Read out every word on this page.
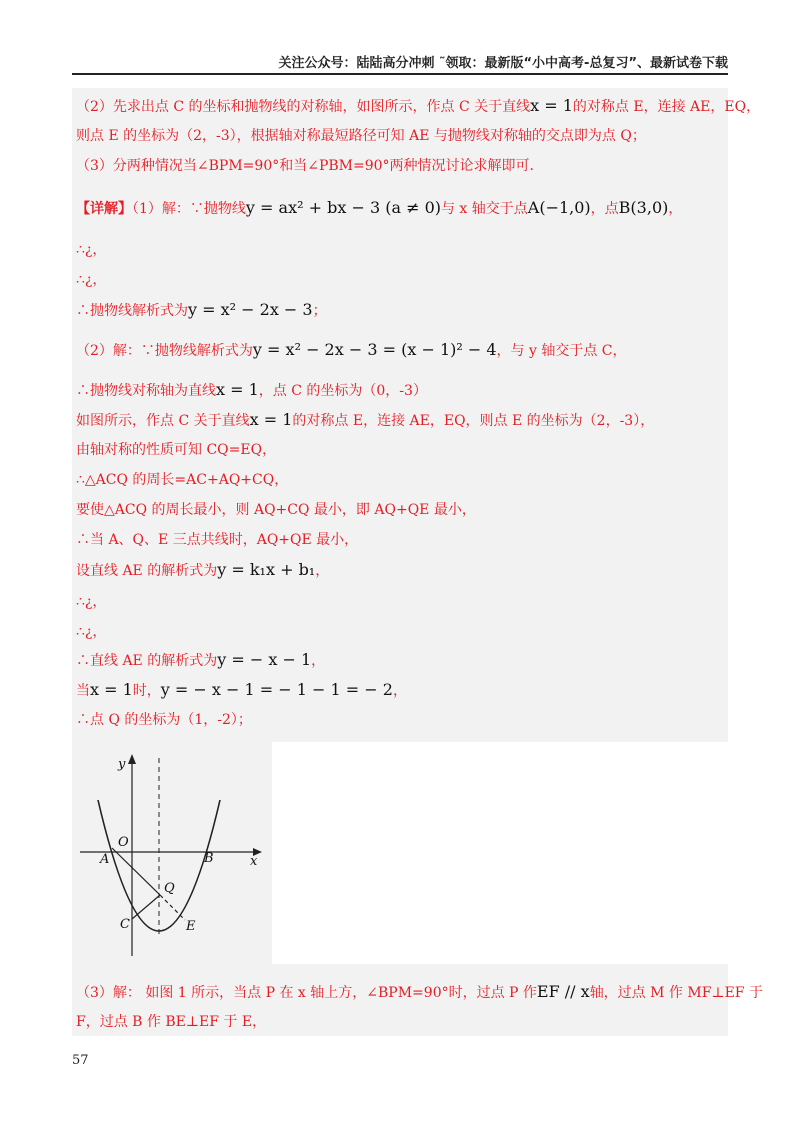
关注公众号：陆陆高分冲刺 ˜领取：最新版“小中高考-总复习”、最新试卷下载
（2）先求出点 C 的坐标和抛物线的对称轴，如图所示，作点 C 关于直线x = 1的对称点 E，连接 AE，EQ，
则点 E 的坐标为（2，-3），根据轴对称最短路径可知 AE 与抛物线对称轴的交点即为点 Q；
（3）分两种情况当∠BPM=90°和当∠PBM=90°两种情况讨论求解即可．
【详解】（1）解：∵抛物线y = ax² + bx − 3 (a ≠ 0)与 x 轴交于点A(−1,0)，点B(3,0)，
∴¿，
∴¿，
∴抛物线解析式为y = x² − 2x − 3；
（2）解：∵抛物线解析式为y = x² − 2x − 3 = (x − 1)² − 4，与 y 轴交于点 C，
∴抛物线对称轴为直线x = 1，点 C 的坐标为（0，-3）
如图所示，作点 C 关于直线x = 1的对称点 E，连接 AE，EQ，则点 E 的坐标为（2，-3），
由轴对称的性质可知 CQ=EQ，
∴△ACQ 的周长=AC+AQ+CQ，
要使△ACQ 的周长最小，则 AQ+CQ 最小，即 AQ+QE 最小，
∴当 A、Q、E 三点共线时，AQ+QE 最小，
设直线 AE 的解析式为y = k₁x + b₁，
∴¿，
∴¿，
∴直线 AE 的解析式为y = − x − 1，
当x = 1时，y = − x − 1 = − 1 − 1 = − 2，
∴点 Q 的坐标为（1，-2）；
y
x
O
A	B
C
Q
E
（3）解： 如图 1 所示，当点 P 在 x 轴上方，∠BPM=90°时，过点 P 作EF // x轴，过点 M 作 MF⊥EF 于
F，过点 B 作 BE⊥EF 于 E，
57
